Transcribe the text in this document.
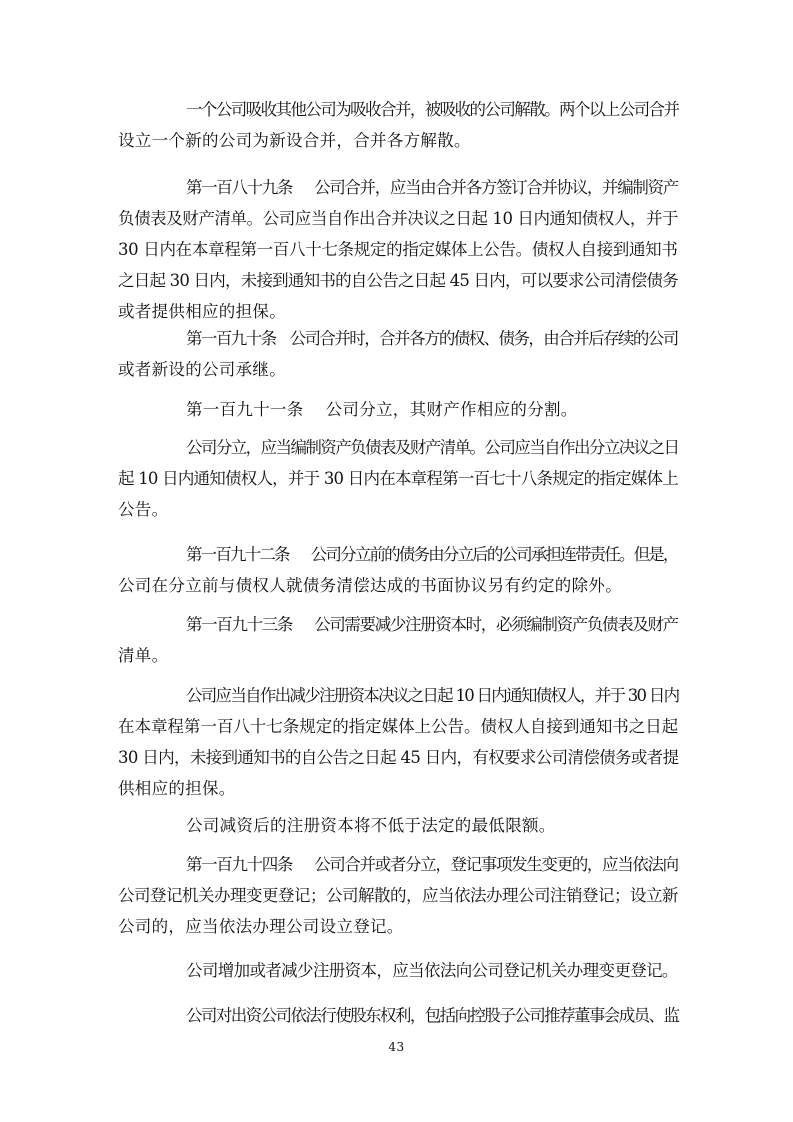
一个公司吸收其他公司为吸收合并，被吸收的公司解散。两个以上公司合并
设立一个新的公司为新设合并，合并各方解散。

第一百八十九条 公司合并，应当由合并各方签订合并协议，并编制资产
负债表及财产清单。公司应当自作出合并决议之日起 10 日内通知债权人，并于
30 日内在本章程第一百八十七条规定的指定媒体上公告。债权人自接到通知书
之日起 30 日内，未接到通知书的自公告之日起 45 日内，可以要求公司清偿债务
或者提供相应的担保。

第一百九十条 公司合并时，合并各方的债权、债务，由合并后存续的公司
或者新设的公司承继。

第一百九十一条 公司分立，其财产作相应的分割。

公司分立，应当编制资产负债表及财产清单。公司应当自作出分立决议之日
起 10 日内通知债权人，并于 30 日内在本章程第一百七十八条规定的指定媒体上
公告。

第一百九十二条 公司分立前的债务由分立后的公司承担连带责任。但是，
公司在分立前与债权人就债务清偿达成的书面协议另有约定的除外。

第一百九十三条 公司需要减少注册资本时，必须编制资产负债表及财产
清单。

公司应当自作出减少注册资本决议之日起 10 日内通知债权人，并于 30 日内
在本章程第一百八十七条规定的指定媒体上公告。债权人自接到通知书之日起
30 日内，未接到通知书的自公告之日起 45 日内，有权要求公司清偿债务或者提
供相应的担保。

公司减资后的注册资本将不低于法定的最低限额。

第一百九十四条 公司合并或者分立，登记事项发生变更的，应当依法向
公司登记机关办理变更登记；公司解散的，应当依法办理公司注销登记；设立新
公司的，应当依法办理公司设立登记。

公司增加或者减少注册资本，应当依法向公司登记机关办理变更登记。

公司对出资公司依法行使股东权利，包括向控股子公司推荐董事会成员、监

43
